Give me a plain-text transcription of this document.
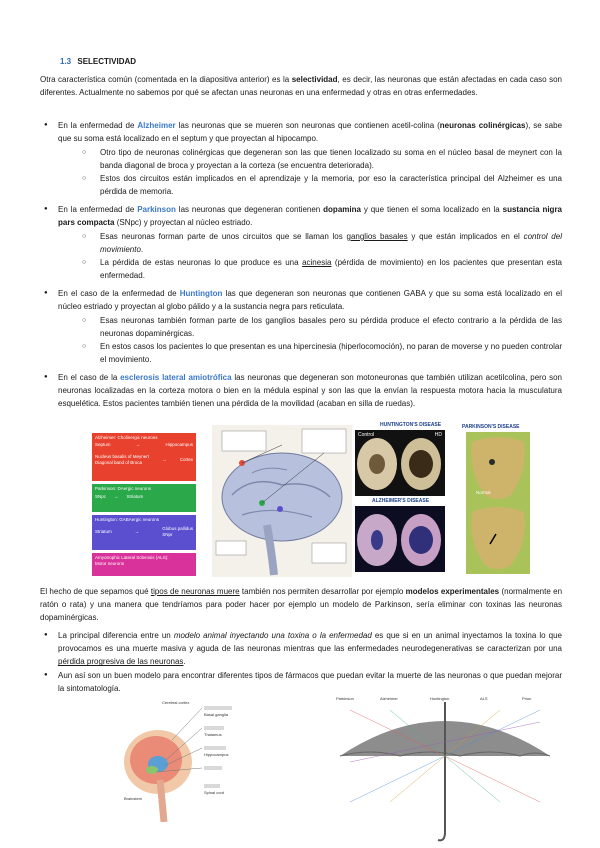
1.3 SELECTIVIDAD

Otra característica común (comentada en la diapositiva anterior) es la selectividad, es decir, las neuronas que están afectadas en cada caso son diferentes. Actualmente no sabemos por qué se afectan unas neuronas en una enfermedad y otras en otras enfermedades.

● En la enfermedad de Alzheimer las neuronas que se mueren son neuronas que contienen acetil-colina (neuronas colinérgicas), se sabe que su soma está localizado en el septum y que proyectan al hipocampo.

○ Otro tipo de neuronas colinérgicas que degeneran son las que tienen localizado su soma en el núcleo basal de meynert con la banda diagonal de broca y proyectan a la corteza (se encuentra deteriorada).

○ Estos dos circuitos están implicados en el aprendizaje y la memoria, por eso la característica principal del Alzheimer es una pérdida de memoria.

● En la enfermedad de Parkinson las neuronas que degeneran contienen dopamina y que tienen el soma localizado en la sustancia nigra pars compacta (SNpc) y proyectan al núcleo estriado.

○ Esas neuronas forman parte de unos circuitos que se llaman los ganglios basales y que están implicados en el control del movimiento.

○ La pérdida de estas neuronas lo que produce es una acinesia (pérdida de movimiento) en los pacientes que presentan esta enfermedad.

● En el caso de la enfermedad de Huntington las que degeneran son neuronas que contienen GABA y que su soma está localizado en el núcleo estriado y proyectan al globo pálido y a la sustancia negra pars reticulata.

○ Esas neuronas también forman parte de los ganglios basales pero su pérdida produce el efecto contrario a la pérdida de las neuronas dopaminérgicas.

○ En estos casos los pacientes lo que presentan es una hipercinesia (hiperlocomoción), no paran de moverse y no pueden controlar el movimiento.

● En el caso de la esclerosis lateral amiotrófica las neuronas que degeneran son motoneuronas que también utilizan acetilcolina, pero son neuronas localizadas en la corteza motora o bien en la médula espinal y son las que la envían la respuesta motora hacia la musculatura esquelética. Estos pacientes también tienen una pérdida de la movilidad (acaban en silla de ruedas).

Alzheimer: Cholinergic neurons
Septum	→	Hippocampus
Nucleus basalis of Meynert
Diagonal band of Broca
→	Cortex
Parkinson: DAergic neurons
SNpc → Striatum
Huntington: GABAergic neurons
Striatum	→
Globus pallidus
SNpr
Amyotrophic Lateral Sclerosis (ALS):
Motor neurons
HUNTINGTON'S DISEASE
Control	HD
ALZHEIMER'S DISEASE
PARKINSON'S DISEASE
Normal

El hecho de que sepamos qué tipos de neuronas muere también nos permiten desarrollar por ejemplo modelos experimentales (normalmente en ratón o rata) y una manera que tendríamos para poder hacer por ejemplo un modelo de Parkinson, sería eliminar con toxinas las neuronas dopaminérgicas.

● La principal diferencia entre un modelo animal inyectando una toxina o la enfermedad es que si en un animal inyectamos la toxina lo que provocamos es una muerte masiva y aguda de las neuronas mientras que las enfermedades neurodegenerativas se caracterizan por una pérdida progresiva de las neuronas.

● Aun así son un buen modelo para encontrar diferentes tipos de fármacos que puedan evitar la muerte de las neuronas o que puedan mejorar la sintomatología.

Cerebral cortex
Basal ganglia
Thalamus
Hippocampus
Brainstem
Spinal cord
Parkinson	Alzheimer	Huntington	ALS	Prion
